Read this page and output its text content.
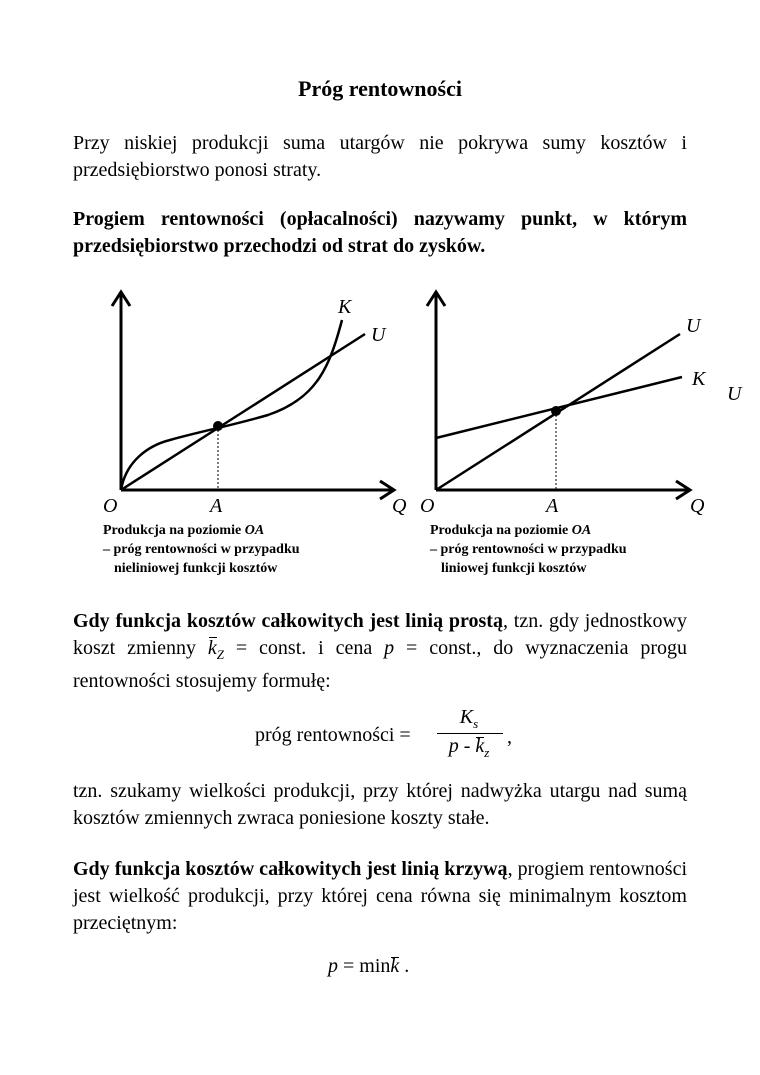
Próg rentowności
Przy niskiej produkcji suma utargów nie pokrywa sumy kosztów i przedsiębiorstwo ponosi straty.
Progiem rentowności (opłacalności) nazywamy punkt, w którym przedsiębiorstwo przechodzi od strat do zysków.
K
U
O	A	Q
U
K
U
O	A	Q
Produkcja na poziomie OA
– próg rentowności w przypadku
nieliniowej funkcji kosztów
Produkcja na poziomie OA
– próg rentowności w przypadku
liniowej funkcji kosztów
Gdy funkcja kosztów całkowitych jest linią prostą, tzn. gdy jednostkowy koszt zmienny $k_Z$ = const. i cena p = const., do wyznaczenia progu rentowności stosujemy formułę:
próg rentowności =
$K_s$
p - $k_z$
,
tzn. szukamy wielkości produkcji, przy której nadwyżka utargu nad sumą kosztów zmiennych zwraca poniesione koszty stałe.
Gdy funkcja kosztów całkowitych jest linią krzywą, progiem rentowności jest wielkość produkcji, przy której cena równa się minimalnym kosztom przeciętnym:
p = mink .
